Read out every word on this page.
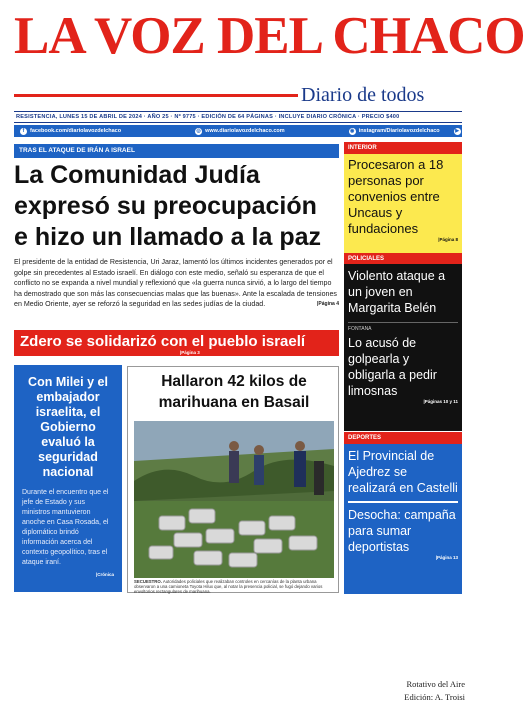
LA VOZ DEL CHACO
Diario de todos
RESISTENCIA, LUNES 15 DE ABRIL DE 2024 · AÑO 25 · Nº 9775 · EDICIÓN DE 64 PÁGINAS · INCLUYE DIARIO CRÓNICA · PRECIO $400
f	facebook.com/diariolavozdelchaco	◎ www.diariolavozdelchaco.com	◉ instagram/Diariolavozdelchaco	▶ LA VOZ DEL CHACO TV
TRAS EL ATAQUE DE IRÁN A ISRAEL
La Comunidad Judía
expresó su preocupación
e hizo un llamado a la paz
El presidente de la entidad de Resistencia, Uri Jaraz, lamentó los últimos incidentes generados por el golpe sin precedentes al Estado israelí. En diálogo con este medio, señaló su esperanza de que el conflicto no se expanda a nivel mundial y reflexionó que «la guerra nunca sirvió, a lo largo del tiempo ha demostrado que son más las consecuencias malas que las buenas». Ante la escalada de tensiones en Medio Oriente, ayer se reforzó la seguridad en las sedes judías de la ciudad.	|Página 4
Zdero se solidarizó con el pueblo israelí
|Página 3
Con Milei y el embajador israelita, el Gobierno evaluó la seguridad nacional
Durante el encuentro que el jefe de Estado y sus ministros mantuvieron anoche en Casa Rosada, el diplomático brindó información acerca del contexto geopolítico, tras el ataque iraní.
|Crónica
Hallaron 42 kilos de marihuana en Basail
|Página 11
SECUESTRO. Autoridades policiales que realizaban controles en cercanías de la planta urbana observaron a una camioneta Toyota Hilux que, al notar la presencia policial, se fugó dejando varios envoltorios rectangulares de marihuana.
INTERIOR
Procesaron a 18 personas por convenios entre Uncaus y fundaciones
|Página 8
POLICIALES
Violento ataque a un joven en Margarita Belén
FONTANA
Lo acusó de golpearla y obligarla a pedir limosnas
|Páginas 10 y 11
DEPORTES
El Provincial de Ajedrez se realizará en Castelli
Desocha: campaña para sumar deportistas
|Página 13
Rotativo del Aire
Edición: A. Troisi
